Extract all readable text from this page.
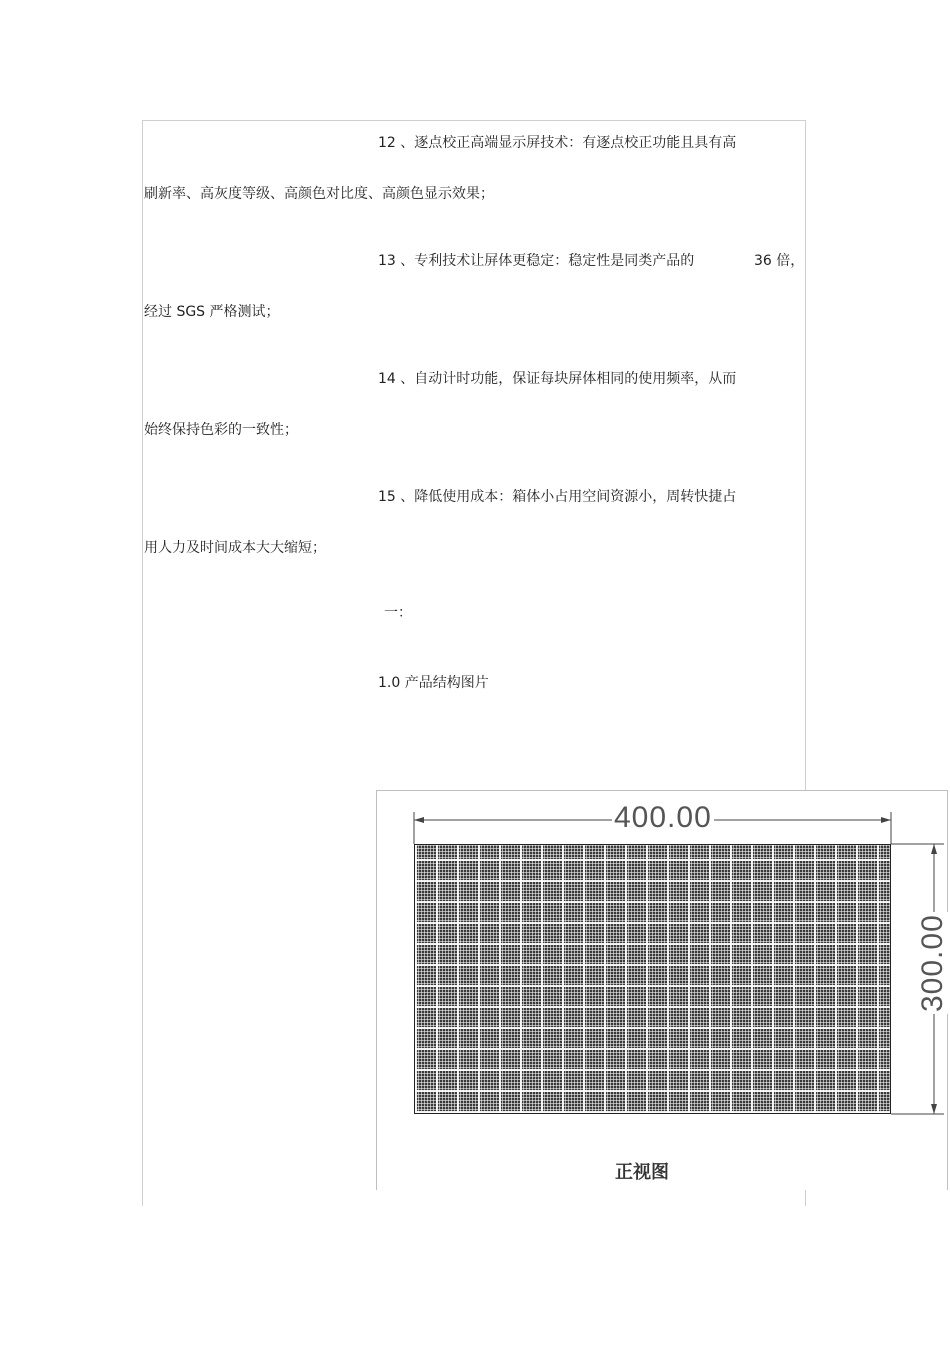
12 、逐点校正高端显示屏技术：有逐点校正功能且具有高
刷新率、高灰度等级、高颜色对比度、高颜色显示效果；
13 、专利技术让屏体更稳定：稳定性是同类产品的	36 倍，
经过 SGS 严格测试；
14 、自动计时功能，保证每块屏体相同的使用频率，从而
始终保持色彩的一致性；
15 、降低使用成本：箱体小占用空间资源小，周转快捷占
用人力及时间成本大大缩短；
一：
1.0 产品结构图片
400.00
300.00
正视图
